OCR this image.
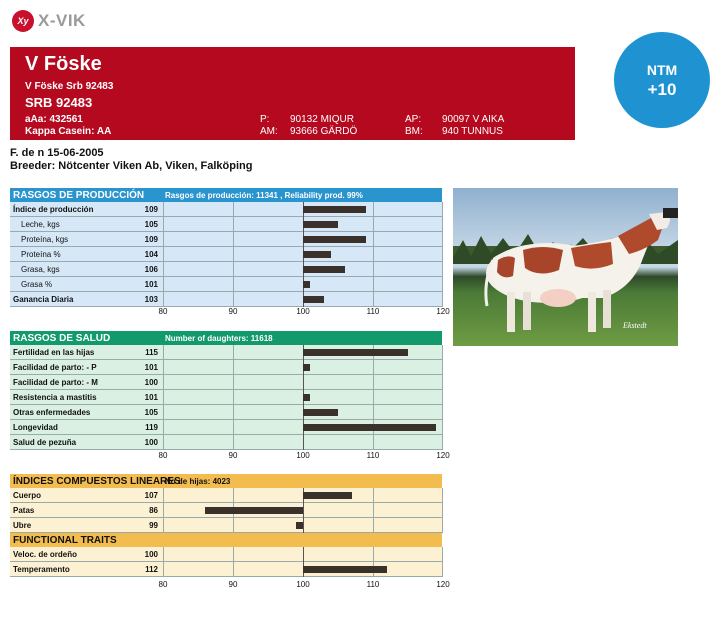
Xy X-VIK
V Föske
V Föske Srb 92483
SRB 92483
aAa: 432561
Kappa Casein: AA
P: 90132 MIQUR
AM: 93666 GÄRDÖ
AP: 90097 V AIKA
BM: 940 TUNNUS
NTM
+10
F. de n 15-06-2005
Breeder: Nötcenter Viken Ab, Viken, Falköping
Ekstedt
RASGOS DE PRODUCCIÓN	Rasgos de producción: 11341 , Reliability prod. 99%
Índice de producción	109
Leche, kgs	105
Proteína, kgs	109
Proteína %	104
Grasa, kgs	106
Grasa %	101
Ganancia Diaria	103
80	90	100	110	120
RASGOS DE SALUD	Number of daughters: 11618
Fertilidad en las hijas	115
Facilidad de parto: - P	101
Facilidad de parto: - M	100
Resistencia a mastitis	101
Otras enfermedades	105
Longevidad	119
Salud de pezuña	100
80	90	100	110	120
ÍNDICES COMPUESTOS LINEARES
No de hijas: 4023
Cuerpo	107
Patas	86
Ubre	99
FUNCTIONAL TRAITS
Veloc. de ordeño	100
Temperamento	112
80	90	100	110	120
